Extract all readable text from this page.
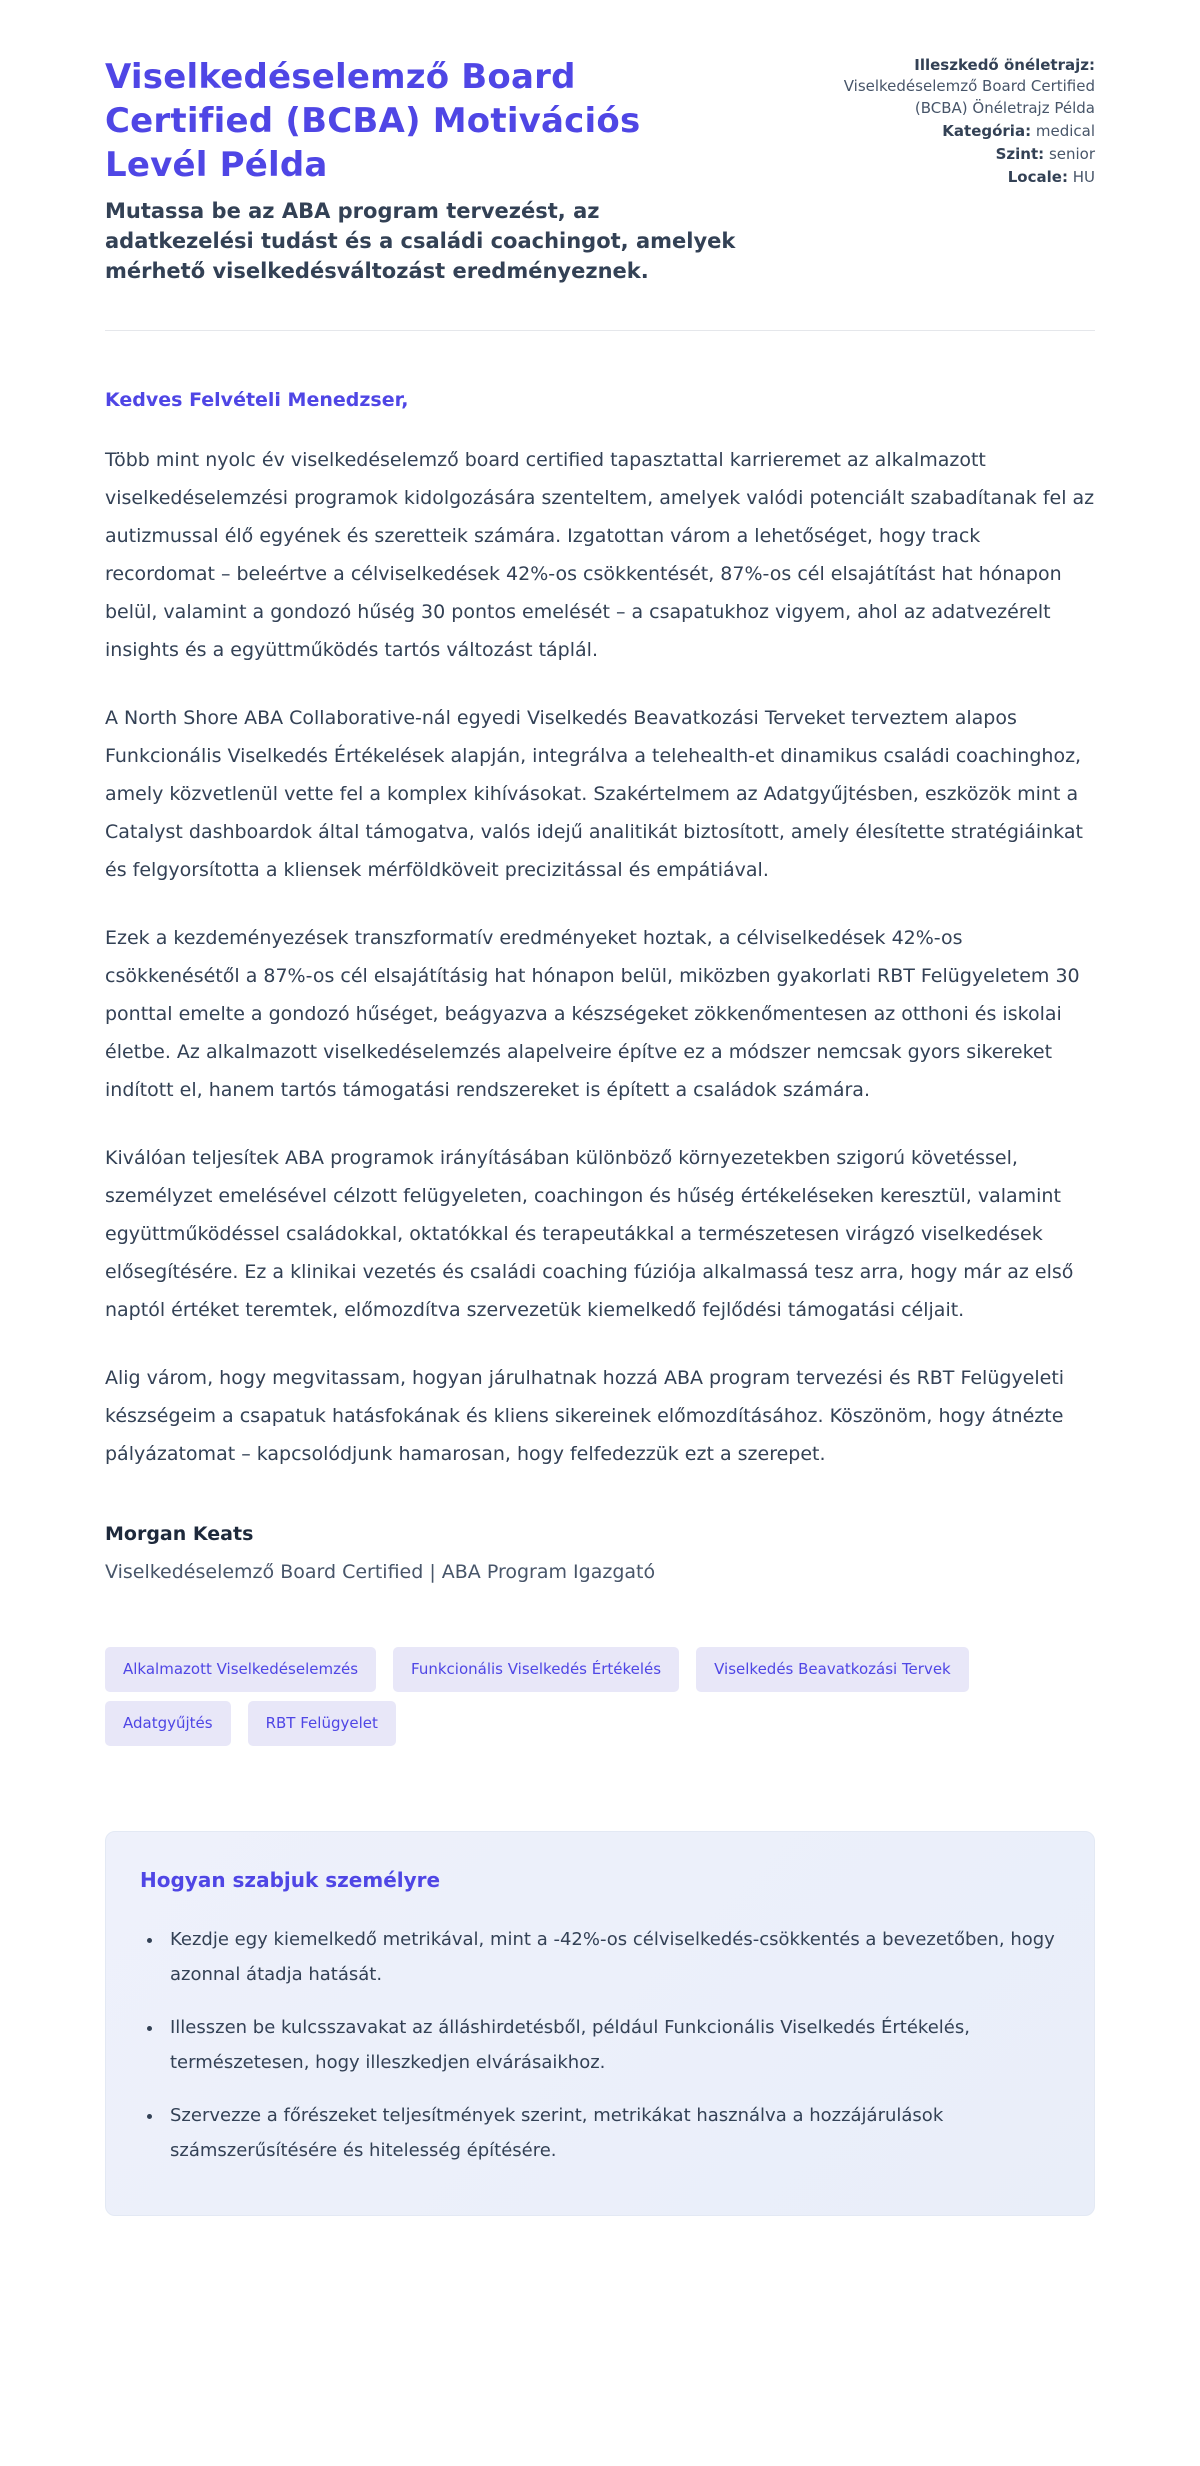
Viselkedéselemző Board Certified (BCBA) Motivációs Levél Példa

Mutassa be az ABA program tervezést, az adatkezelési tudást és a családi coachingot, amelyek mérhető viselkedésváltozást eredményeznek.

Illeszkedő önéletrajz:
Viselkedéselemző Board Certified (BCBA) Önéletrajz Példa
Kategória: medical
Szint: senior
Locale: HU

Kedves Felvételi Menedzser,

Több mint nyolc év viselkedéselemző board certified tapasztattal karrieremet az alkalmazott viselkedéselemzési programok kidolgozására szenteltem, amelyek valódi potenciált szabadítanak fel az autizmussal élő egyének és szeretteik számára. Izgatottan várom a lehetőséget, hogy track recordomat – beleértve a célviselkedések 42%-os csökkentését, 87%-os cél elsajátítást hat hónapon belül, valamint a gondozó hűség 30 pontos emelését – a csapatukhoz vigyem, ahol az adatvezérelt insights és a együttműködés tartós változást táplál.

A North Shore ABA Collaborative-nál egyedi Viselkedés Beavatkozási Terveket terveztem alapos Funkcionális Viselkedés Értékelések alapján, integrálva a telehealth-et dinamikus családi coachinghoz, amely közvetlenül vette fel a komplex kihívásokat. Szakértelmem az Adatgyűjtésben, eszközök mint a Catalyst dashboardok által támogatva, valós idejű analitikát biztosított, amely élesítette stratégiáinkat és felgyorsította a kliensek mérföldköveit precizitással és empátiával.

Ezek a kezdeményezések transzformatív eredményeket hoztak, a célviselkedések 42%-os csökkenésétől a 87%-os cél elsajátításig hat hónapon belül, miközben gyakorlati RBT Felügyeletem 30 ponttal emelte a gondozó hűséget, beágyazva a készségeket zökkenőmentesen az otthoni és iskolai életbe. Az alkalmazott viselkedéselemzés alapelveire építve ez a módszer nemcsak gyors sikereket indított el, hanem tartós támogatási rendszereket is épített a családok számára.

Kiválóan teljesítek ABA programok irányításában különböző környezetekben szigorú követéssel, személyzet emelésével célzott felügyeleten, coachingon és hűség értékeléseken keresztül, valamint együttműködéssel családokkal, oktatókkal és terapeutákkal a természetesen virágzó viselkedések elősegítésére. Ez a klinikai vezetés és családi coaching fúziója alkalmassá tesz arra, hogy már az első naptól értéket teremtek, előmozdítva szervezetük kiemelkedő fejlődési támogatási céljait.

Alig várom, hogy megvitassam, hogyan járulhatnak hozzá ABA program tervezési és RBT Felügyeleti készségeim a csapatuk hatásfokának és kliens sikereinek előmozdításához. Köszönöm, hogy átnézte pályázatomat – kapcsolódjunk hamarosan, hogy felfedezzük ezt a szerepet.

Morgan Keats
Viselkedéselemző Board Certified | ABA Program Igazgató
Alkalmazott Viselkedéselemzés	Funkcionális Viselkedés Értékelés	Viselkedés Beavatkozási Tervek
Adatgyűjtés	RBT Felügyelet
Hogyan szabjuk személyre
• Kezdje egy kiemelkedő metrikával, mint a -42%-os célviselkedés-csökkentés a bevezetőben, hogy azonnal átadja hatását.
• Illesszen be kulcsszavakat az álláshirdetésből, például Funkcionális Viselkedés Értékelés, természetesen, hogy illeszkedjen elvárásaikhoz.
• Szervezze a főrészeket teljesítmények szerint, metrikákat használva a hozzájárulások számszerűsítésére és hitelesség építésére.
